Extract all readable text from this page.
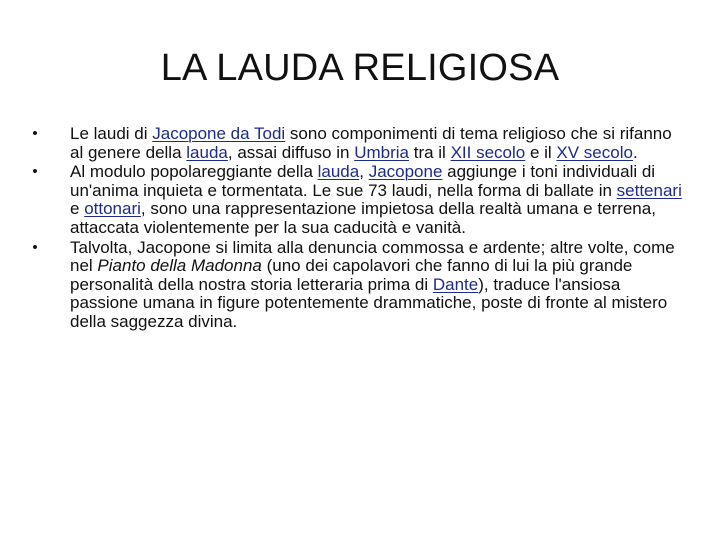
LA LAUDA RELIGIOSA
• Le laudi di Jacopone da Todi sono componimenti di tema religioso che si rifanno al genere della lauda, assai diffuso in Umbria tra il XII secolo e il XV secolo.
• Al modulo popolareggiante della lauda, Jacopone aggiunge i toni individuali di un'anima inquieta e tormentata. Le sue 73 laudi, nella forma di ballate in settenari e ottonari, sono una rappresentazione impietosa della realtà umana e terrena, attaccata violentemente per la sua caducità e vanità.
• Talvolta, Jacopone si limita alla denuncia commossa e ardente; altre volte, come nel Pianto della Madonna (uno dei capolavori che fanno di lui la più grande personalità della nostra storia letteraria prima di Dante), traduce l'ansiosa passione umana in figure potentemente drammatiche, poste di fronte al mistero della saggezza divina.
